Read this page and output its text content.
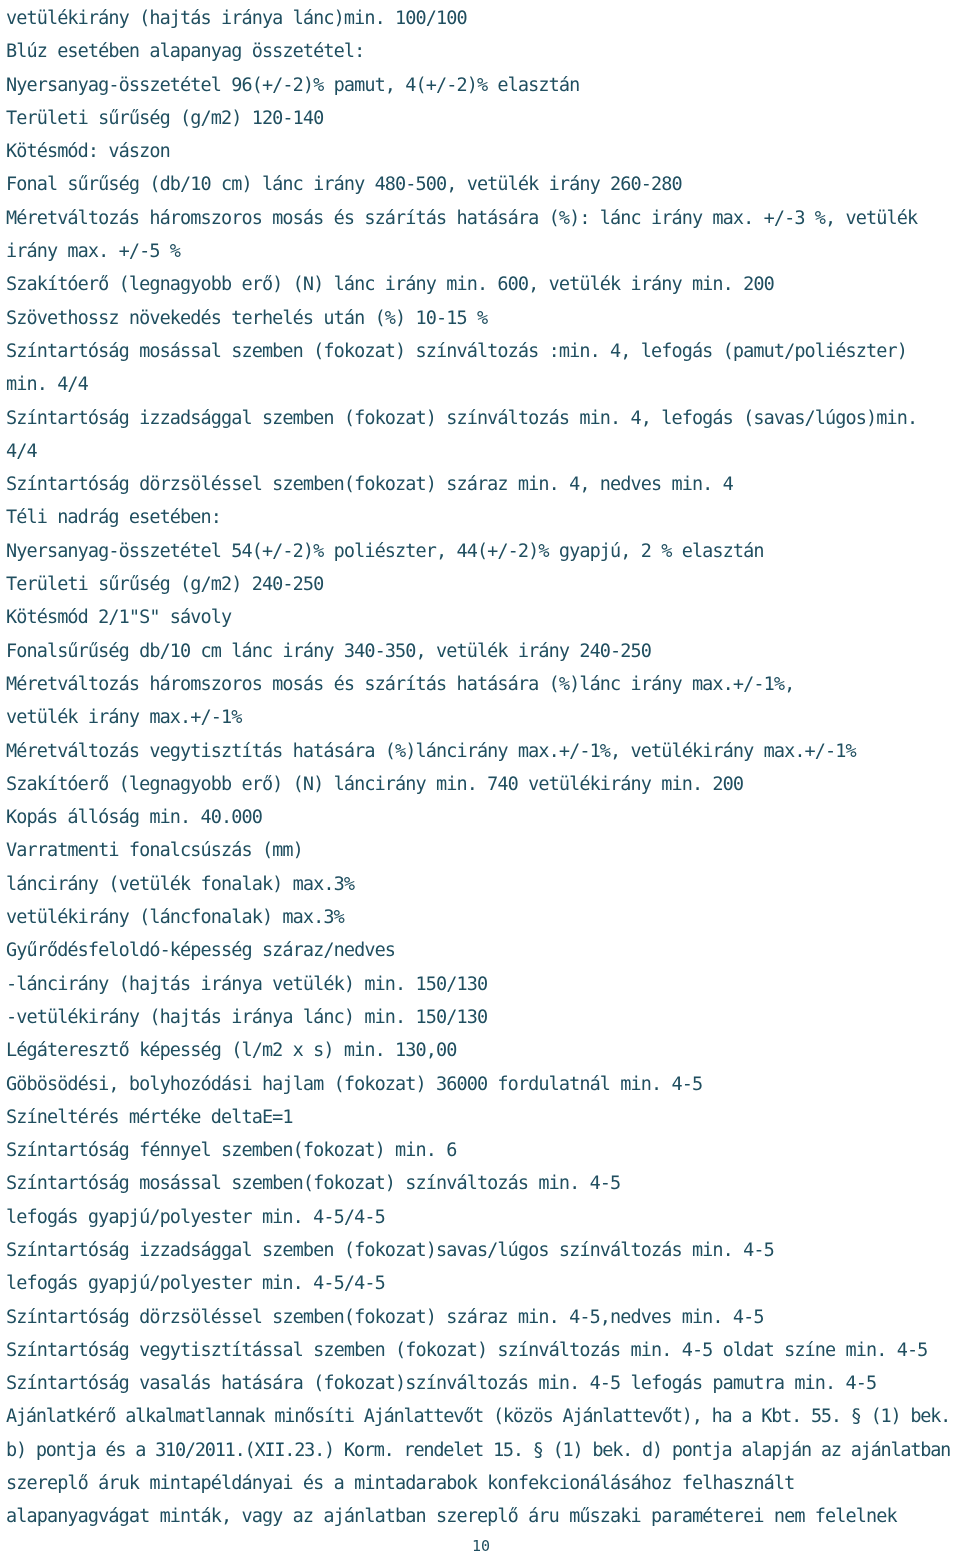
vetülékirány (hajtás iránya lánc)min. 100/100
Blúz esetében alapanyag összetétel:
Nyersanyag-összetétel 96(+/-2)% pamut, 4(+/-2)% elasztán
Területi sűrűség (g/m2) 120-140
Kötésmód: vászon
Fonal sűrűség (db/10 cm) lánc irány 480-500, vetülék irány 260-280
Méretváltozás háromszoros mosás és szárítás hatására (%): lánc irány max. +/-3 %, vetülék
irány max. +/-5 %
Szakítóerő (legnagyobb erő) (N) lánc irány min. 600, vetülék irány min. 200
Szövethossz növekedés terhelés után (%) 10-15 %
Színtartóság mosással szemben (fokozat) színváltozás :min. 4, lefogás (pamut/poliészter)
min. 4/4
Színtartóság izzadsággal szemben (fokozat) színváltozás min. 4, lefogás (savas/lúgos)min.
4/4
Színtartóság dörzsöléssel szemben(fokozat) száraz min. 4, nedves min. 4
Téli nadrág esetében:
Nyersanyag-összetétel 54(+/-2)% poliészter, 44(+/-2)% gyapjú, 2 % elasztán
Területi sűrűség (g/m2) 240-250
Kötésmód 2/1"S" sávoly
Fonalsűrűség db/10 cm lánc irány 340-350, vetülék irány 240-250
Méretváltozás háromszoros mosás és szárítás hatására (%)lánc irány max.+/-1%,
vetülék irány max.+/-1%
Méretváltozás vegytisztítás hatására (%)láncirány max.+/-1%, vetülékirány max.+/-1%
Szakítóerő (legnagyobb erő) (N) láncirány min. 740 vetülékirány min. 200
Kopás állóság min. 40.000
Varratmenti fonalcsúszás (mm)
láncirány (vetülék fonalak) max.3%
vetülékirány (láncfonalak) max.3%
Gyűrődésfeloldó-képesség száraz/nedves
-láncirány (hajtás iránya vetülék) min. 150/130
-vetülékirány (hajtás iránya lánc) min. 150/130
Légáteresztő képesség (l/m2 x s) min. 130,00
Göbösödési, bolyhozódási hajlam (fokozat) 36000 fordulatnál min. 4-5
Színeltérés mértéke deltaE=1
Színtartóság fénnyel szemben(fokozat) min. 6
Színtartóság mosással szemben(fokozat) színváltozás min. 4-5
lefogás gyapjú/polyester min. 4-5/4-5
Színtartóság izzadsággal szemben (fokozat)savas/lúgos színváltozás min. 4-5
lefogás gyapjú/polyester min. 4-5/4-5
Színtartóság dörzsöléssel szemben(fokozat) száraz min. 4-5,nedves min. 4-5
Színtartóság vegytisztítással szemben (fokozat) színváltozás min. 4-5 oldat színe min. 4-5
Színtartóság vasalás hatására (fokozat)színváltozás min. 4-5 lefogás pamutra min. 4-5
Ajánlatkérő alkalmatlannak minősíti Ajánlattevőt (közös Ajánlattevőt), ha a Kbt. 55. § (1) bek.
b) pontja és a 310/2011.(XII.23.) Korm. rendelet 15. § (1) bek. d) pontja alapján az ajánlatban
szereplő áruk mintapéldányai és a mintadarabok konfekcionálásához felhasznált
alapanyagvágat minták, vagy az ajánlatban szereplő áru műszaki paraméterei nem felelnek
10
